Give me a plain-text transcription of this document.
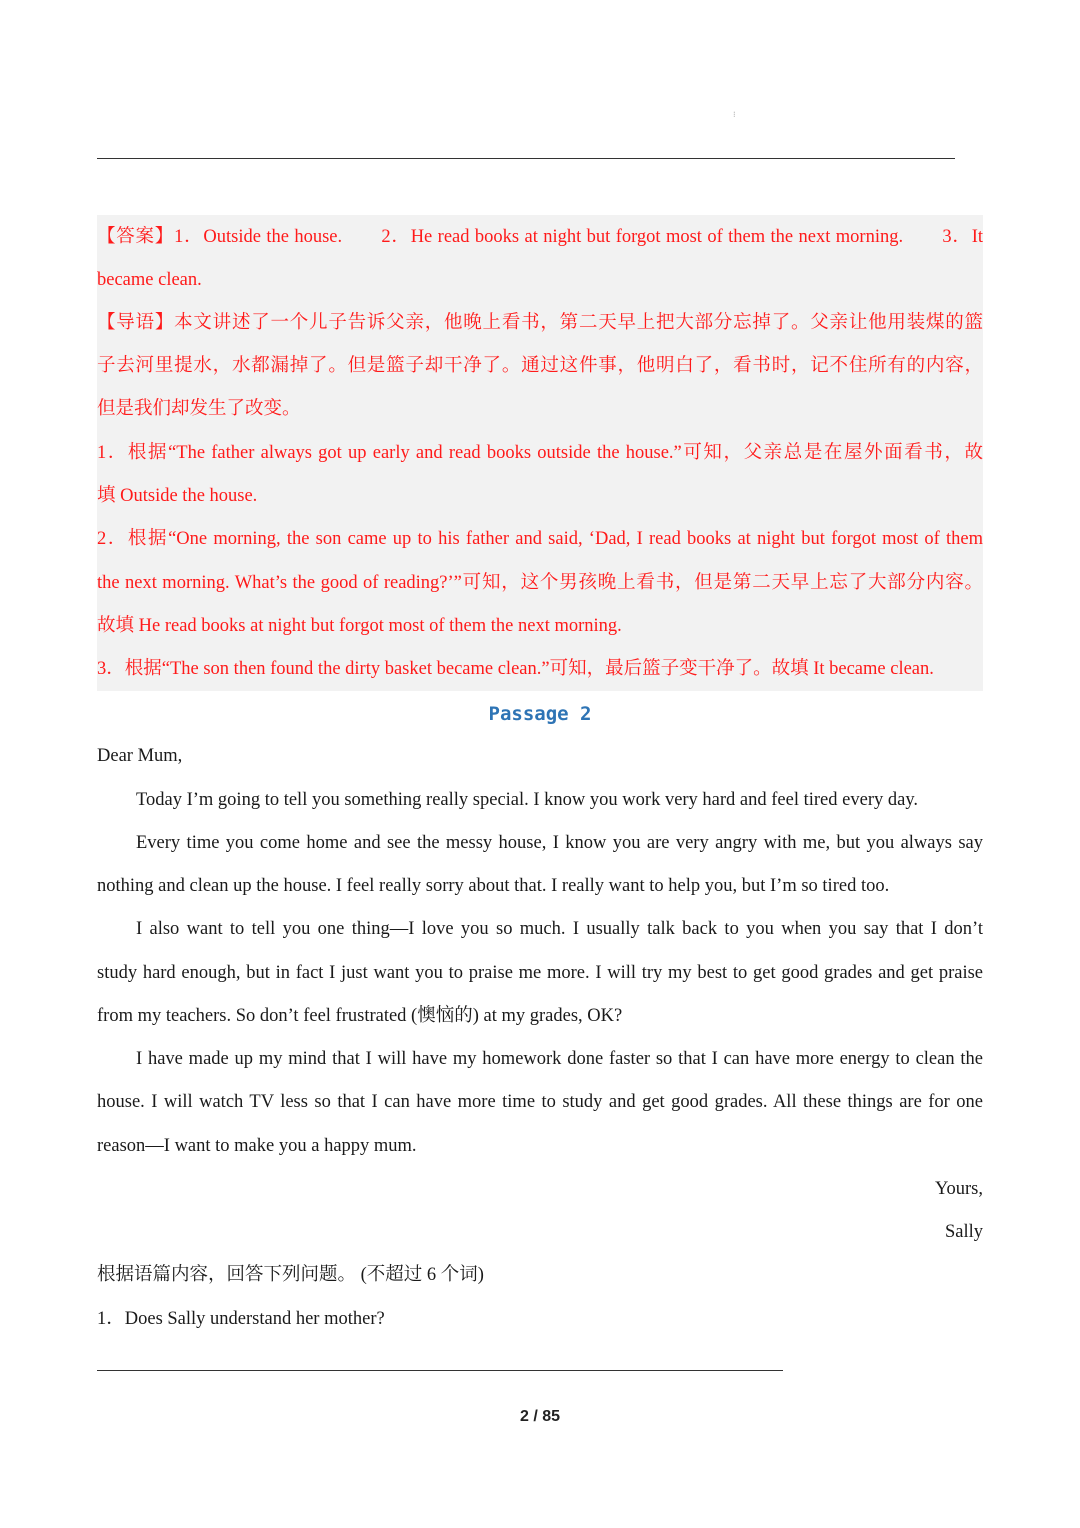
⁝
【答案】1．Outside the house.　　2．He read books at night but forgot most of them the next morning.　　3．It
became clean.
【导语】本文讲述了一个儿子告诉父亲，他晚上看书，第二天早上把大部分忘掉了。父亲让他用装煤的篮
子去河里提水，水都漏掉了。但是篮子却干净了。通过这件事，他明白了，看书时，记不住所有的内容，
但是我们却发生了改变。
1．根据“The father always got up early and read books outside the house.”可知，父亲总是在屋外面看书，故
填 Outside the house.
2．根据“One morning, the son came up to his father and said, ‘Dad, I read books at night but forgot most of them
the next morning. What’s the good of reading?’”可知，这个男孩晚上看书，但是第二天早上忘了大部分内容。
故填 He read books at night but forgot most of them the next morning.
3．根据“The son then found the dirty basket became clean.”可知，最后篮子变干净了。故填 It became clean.
Passage 2
Dear Mum,
Today I’m going to tell you something really special. I know you work very hard and feel tired every day.
Every time you come home and see the messy house, I know you are very angry with me, but you always say
nothing and clean up the house. I feel really sorry about that. I really want to help you, but I’m so tired too.
I also want to tell you one thing—I love you so much. I usually talk back to you when you say that I don’t
study hard enough, but in fact I just want you to praise me more. I will try my best to get good grades and get praise
from my teachers. So don’t feel frustrated (懊恼的) at my grades, OK?
I have made up my mind that I will have my homework done faster so that I can have more energy to clean the
house. I will watch TV less so that I can have more time to study and get good grades. All these things are for one
reason—I want to make you a happy mum.
Yours,
Sally
根据语篇内容，回答下列问题。 (不超过 6 个词)
1．Does Sally understand her mother?
2 / 85
